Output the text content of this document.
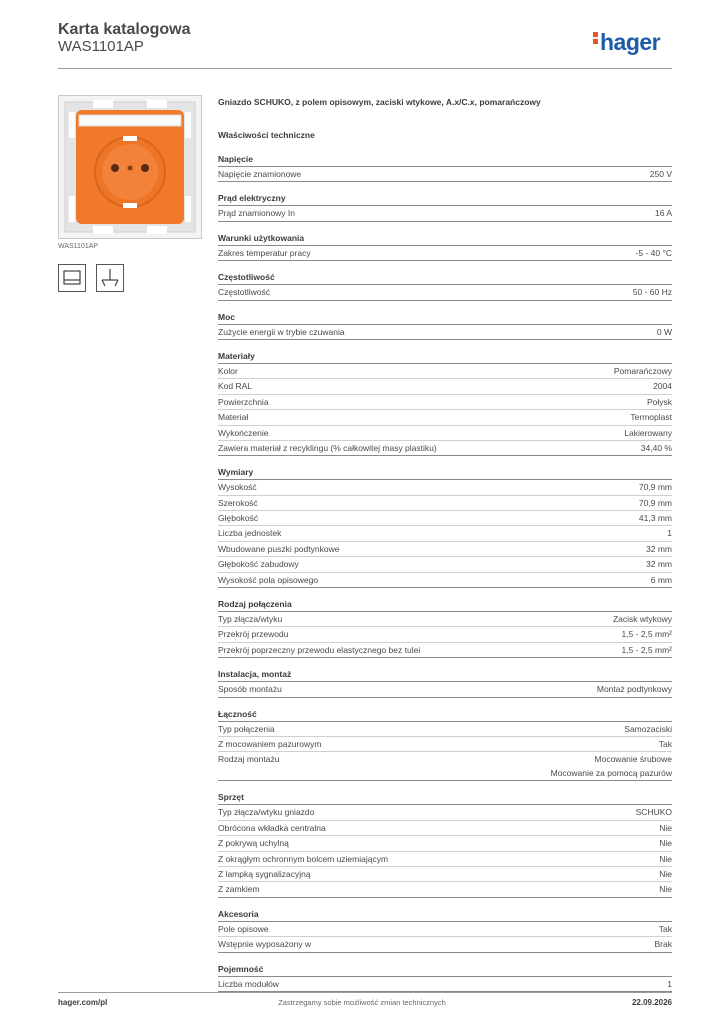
Karta katalogowa
WAS1101AP	hager
WAS1101AP
Gniazdo SCHUKO, z polem opisowym, zaciski wtykowe, A.x/C.x, pomarańczowy
Właściwości techniczne
Napięcie
Napięcie znamionowe	250 V
Prąd elektryczny
Prąd znamionowy In	16 A
Warunki użytkowania
Zakres temperatur pracy	-5 - 40 °C
Częstotliwość
Częstotliwość	50 - 60 Hz
Moc
Zużycie energii w trybie czuwania	0 W
Materiały
Kolor	Pomarańczowy
Kod RAL	2004
Powierzchnia	Połysk
Materiał	Termoplast
Wykończenie	Lakierowany
Zawiera materiał z recyklingu (% całkowitej masy plastiku)	34,40 %
Wymiary
Wysokość	70,9 mm
Szerokość	70,9 mm
Głębokość	41,3 mm
Liczba jednostek	1
Wbudowane puszki podtynkowe	32 mm
Głębokość zabudowy	32 mm
Wysokość pola opisowego	6 mm
Rodzaj połączenia
Typ złącza/wtyku	Zacisk wtykowy
Przekrój przewodu	1,5 - 2,5 mm²
Przekrój poprzeczny przewodu elastycznego bez tulei	1,5 - 2,5 mm²
Instalacja, montaż
Sposób montażu	Montaż podtynkowy
Łączność
Typ połączenia	Samozaciski
Z mocowaniem pazurowym	Tak
Rodzaj montażu	Mocowanie śrubowe
Mocowanie za pomocą pazurów
Sprzęt
Typ złącza/wtyku gniazdo	SCHUKO
Obrócona wkładka centralna	Nie
Z pokrywą uchylną	Nie
Z okrągłym ochronnym bolcem uziemiającym	Nie
Z lampką sygnalizacyjną	Nie
Z zamkiem	Nie
Akcesoria
Pole opisowe	Tak
Wstępnie wyposażony w	Brak
Pojemność
Liczba modułów	1
hager.com/pl	Zastrzegamy sobie możliwość zmian technicznych	22.09.2026
